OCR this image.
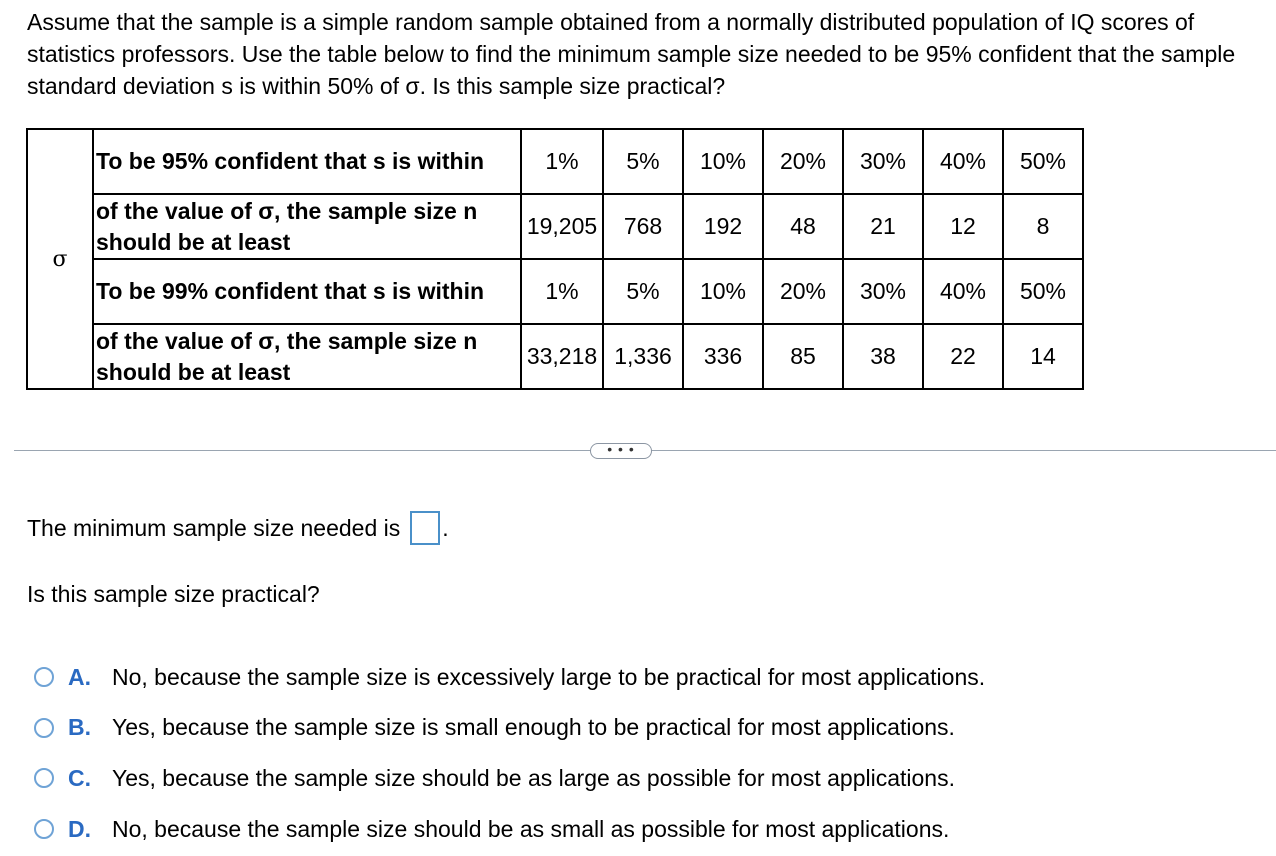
Assume that the sample is a simple random sample obtained from a normally distributed population of IQ scores of statistics professors. Use the table below to find the minimum sample size needed to be 95% confident that the sample standard deviation s is within 50% of σ. Is this sample size practical?

σ	To be 95% confident that s is within	1%	5%	10%	20%	30%	40%	50%
	of the value of σ, the sample size n should be at least	19,205	768	192	48	21	12	8
	To be 99% confident that s is within	1%	5%	10%	20%	30%	40%	50%
	of the value of σ, the sample size n should be at least	33,218	1,336	336	85	38	22	14
• • •
The minimum sample size needed is .
Is this sample size practical?
A. No, because the sample size is excessively large to be practical for most applications.
B. Yes, because the sample size is small enough to be practical for most applications.
C. Yes, because the sample size should be as large as possible for most applications.
D. No, because the sample size should be as small as possible for most applications.
